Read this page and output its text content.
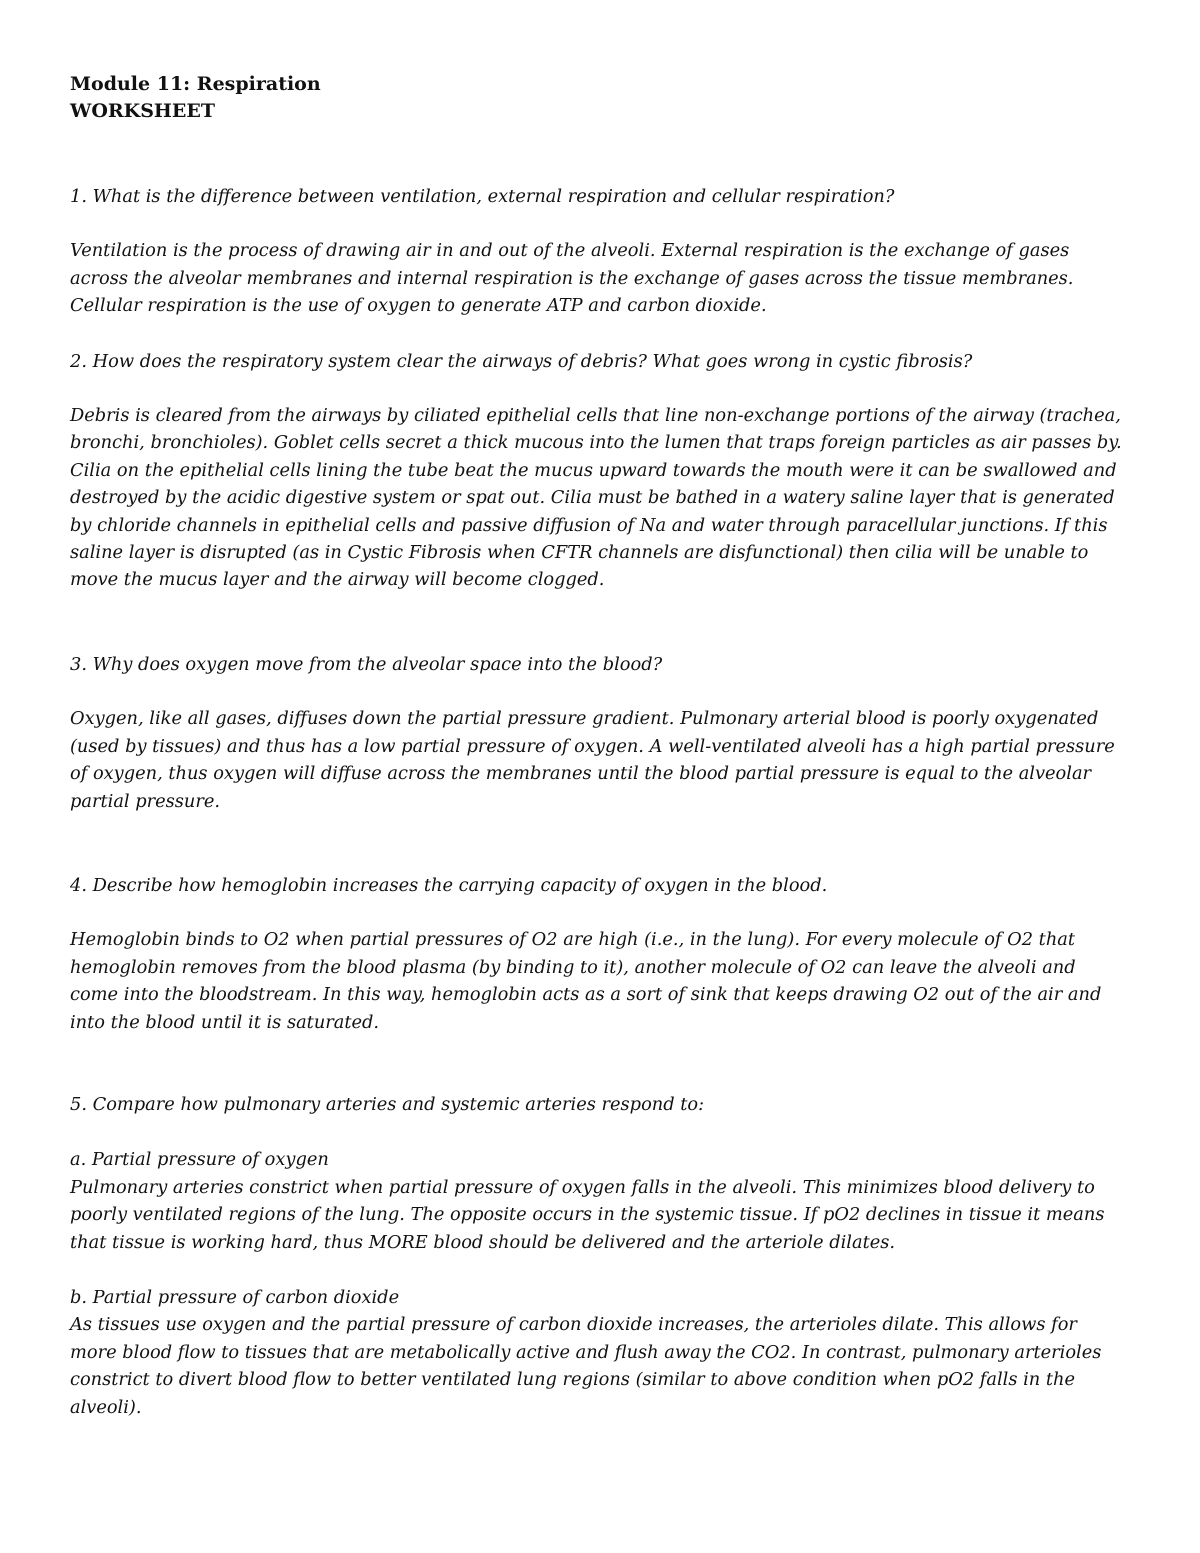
Module 11: Respiration
WORKSHEET

1. What is the difference between ventilation, external respiration and cellular respiration?

Ventilation is the process of drawing air in and out of the alveoli. External respiration is the exchange of gases across the alveolar membranes and internal respiration is the exchange of gases across the tissue membranes. Cellular respiration is the use of oxygen to generate ATP and carbon dioxide.

2. How does the respiratory system clear the airways of debris? What goes wrong in cystic fibrosis?

Debris is cleared from the airways by ciliated epithelial cells that line non-exchange portions of the airway (trachea, bronchi, bronchioles). Goblet cells secret a thick mucous into the lumen that traps foreign particles as air passes by. Cilia on the epithelial cells lining the tube beat the mucus upward towards the mouth were it can be swallowed and destroyed by the acidic digestive system or spat out. Cilia must be bathed in a watery saline layer that is generated by chloride channels in epithelial cells and passive diffusion of Na and water through paracellular junctions. If this saline layer is disrupted (as in Cystic Fibrosis when CFTR channels are disfunctional) then cilia will be unable to move the mucus layer and the airway will become clogged.

3. Why does oxygen move from the alveolar space into the blood?

Oxygen, like all gases, diffuses down the partial pressure gradient. Pulmonary arterial blood is poorly oxygenated (used by tissues) and thus has a low partial pressure of oxygen. A well-ventilated alveoli has a high partial pressure of oxygen, thus oxygen will diffuse across the membranes until the blood partial pressure is equal to the alveolar partial pressure.

4. Describe how hemoglobin increases the carrying capacity of oxygen in the blood.

Hemoglobin binds to O2 when partial pressures of O2 are high (i.e., in the lung). For every molecule of O2 that hemoglobin removes from the blood plasma (by binding to it), another molecule of O2 can leave the alveoli and come into the bloodstream. In this way, hemoglobin acts as a sort of sink that keeps drawing O2 out of the air and into the blood until it is saturated.

5. Compare how pulmonary arteries and systemic arteries respond to:

a. Partial pressure of oxygen

Pulmonary arteries constrict when partial pressure of oxygen falls in the alveoli. This minimizes blood delivery to poorly ventilated regions of the lung. The opposite occurs in the systemic tissue. If pO2 declines in tissue it means that tissue is working hard, thus MORE blood should be delivered and the arteriole dilates.

b. Partial pressure of carbon dioxide

As tissues use oxygen and the partial pressure of carbon dioxide increases, the arterioles dilate. This allows for more blood flow to tissues that are metabolically active and flush away the CO2. In contrast, pulmonary arterioles constrict to divert blood flow to better ventilated lung regions (similar to above condition when pO2 falls in the alveoli).
